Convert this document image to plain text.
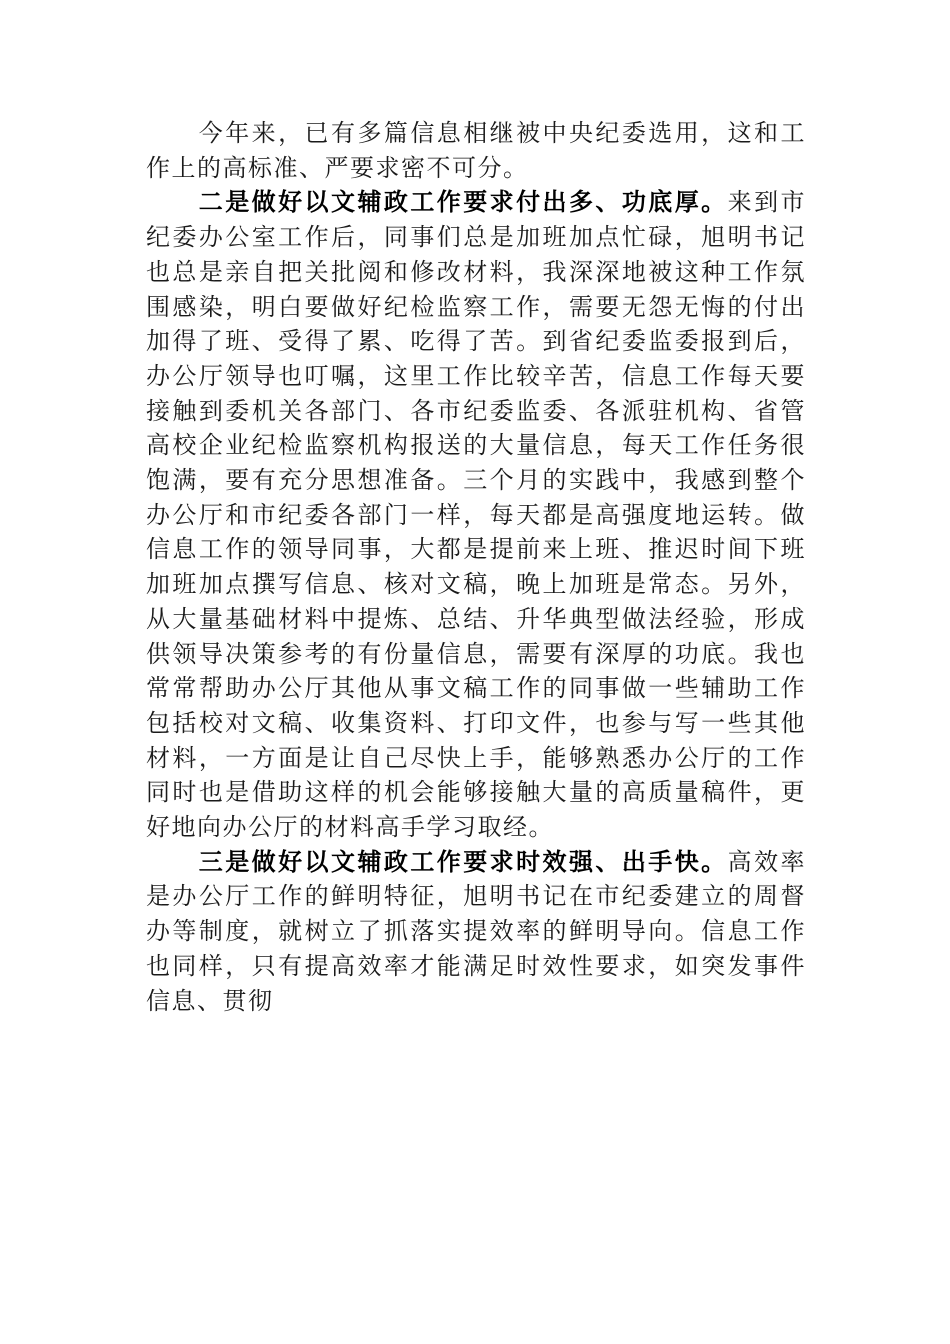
今年来，已有多篇信息相继被中央纪委选用，这和工作上的高标准、严要求密不可分。

二是做好以文辅政工作要求付出多、功底厚。来到市纪委办公室工作后，同事们总是加班加点忙碌，旭明书记也总是亲自把关批阅和修改材料，我深深地被这种工作氛围感染，明白要做好纪检监察工作，需要无怨无悔的付出加得了班、受得了累、吃得了苦。到省纪委监委报到后，办公厅领导也叮嘱，这里工作比较辛苦，信息工作每天要接触到委机关各部门、各市纪委监委、各派驻机构、省管高校企业纪检监察机构报送的大量信息，每天工作任务很饱满，要有充分思想准备。三个月的实践中，我感到整个办公厅和市纪委各部门一样，每天都是高强度地运转。做信息工作的领导同事，大都是提前来上班、推迟时间下班加班加点撰写信息、核对文稿，晚上加班是常态。另外，从大量基础材料中提炼、总结、升华典型做法经验，形成供领导决策参考的有份量信息，需要有深厚的功底。我也常常帮助办公厅其他从事文稿工作的同事做一些辅助工作包括校对文稿、收集资料、打印文件，也参与写一些其他材料，一方面是让自己尽快上手，能够熟悉办公厅的工作同时也是借助这样的机会能够接触大量的高质量稿件，更好地向办公厅的材料高手学习取经。

三是做好以文辅政工作要求时效强、出手快。高效率是办公厅工作的鲜明特征，旭明书记在市纪委建立的周督办等制度，就树立了抓落实提效率的鲜明导向。信息工作也同样，只有提高效率才能满足时效性要求，如突发事件信息、贯彻
